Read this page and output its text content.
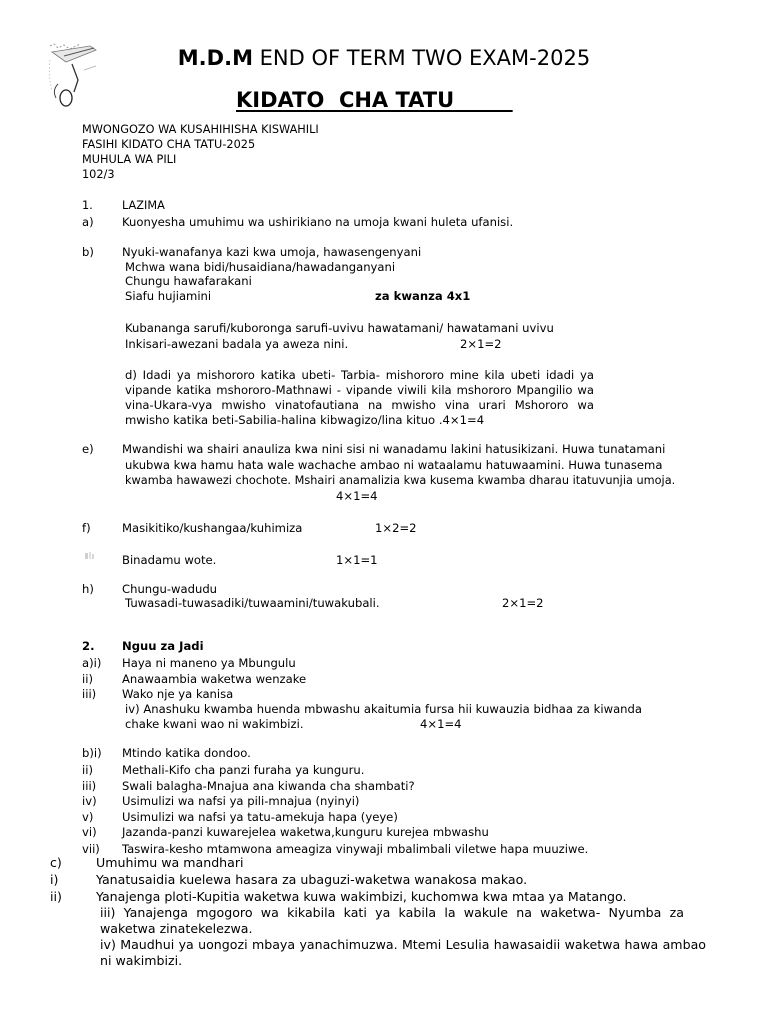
M.D.M END OF TERM TWO EXAM-2025
KIDATO  CHA TATU
MWONGOZO WA KUSAHIHISHA KISWAHILI
FASIHI KIDATO CHA TATU-2025
MUHULA WA PILI
102/3
1.	LAZIMA
a) Kuonyesha umuhimu wa ushirikiano na umoja kwani huleta ufanisi.
b) Nyuki-wanafanya kazi kwa umoja, hawasengenyani
Mchwa wana bidi/husaidiana/hawadanganyani
Chungu hawafarakani
Siafu hujiamini	za kwanza 4x1
Kubananga sarufi/kuboronga sarufi-uvivu hawatamani/ hawatamani uvivu
Inkisari-awezani badala ya aweza nini.	2×1=2
d) Idadi ya mishororo katika ubeti- Tarbia- mishororo mine kila ubeti idadi ya vipande katika mshororo-Mathnawi - vipande viwili kila mshororo Mpangilio wa vina-Ukara-vya mwisho vinatofautiana na mwisho vina urari Mshororo wa mwisho katika beti-Sabilia-halina kibwagizo/lina kituo .4×1=4
e) Mwandishi wa shairi anauliza kwa nini sisi ni wanadamu lakini hatusikizani. Huwa tunatamani
ukubwa kwa hamu hata wale wachache ambao ni wataalamu hatuwaamini. Huwa tunasema
kwamba hawawezi chochote. Mshairi anamalizia kwa kusema kwamba dharau itatuvunjia umoja.
4×1=4
f)	Masikitiko/kushangaa/kuhimiza	1×2=2
Binadamu wote.	1×1=1
h) Chungu-wadudu
Tuwasadi-tuwasadiki/tuwaamini/tuwakubali.	2×1=2
2. Nguu za Jadi
a)i) Haya ni maneno ya Mbungulu
ii)	Anawaambia waketwa wenzake
iii) Wako nje ya kanisa
iv) Anashuku kwamba huenda mbwashu akaitumia fursa hii kuwauzia bidhaa za kiwanda chake kwani wao ni wakimbizi.	4×1=4
b)i) Mtindo katika dondoo.
ii)	Methali-Kifo cha panzi furaha ya kunguru.
iii) Swali balagha-Mnajua ana kiwanda cha shambati?
iv) Usimulizi wa nafsi ya pili-mnajua (nyinyi)
v) Usimulizi wa nafsi ya tatu-amekuja hapa (yeye)
vi) Jazanda-panzi kuwarejelea waketwa,kunguru kurejea mbwashu
vii) Taswira-kesho mtamwona ameagiza vinywaji mbalimbali viletwe hapa muuziwe.
c)	Umuhimu wa mandhari
i)	Yanatusaidia kuelewa hasara za ubaguzi-waketwa wanakosa makao.
ii)	Yanajenga ploti-Kupitia waketwa kuwa wakimbizi, kuchomwa kwa mtaa ya Matango.
iii) Yanajenga mgogoro wa kikabila kati ya kabila la wakule na waketwa- Nyumba za waketwa zinatekelezwa.
iv) Maudhui ya uongozi mbaya yanachimuzwa. Mtemi Lesulia hawasaidii waketwa hawa ambao ni wakimbizi.
